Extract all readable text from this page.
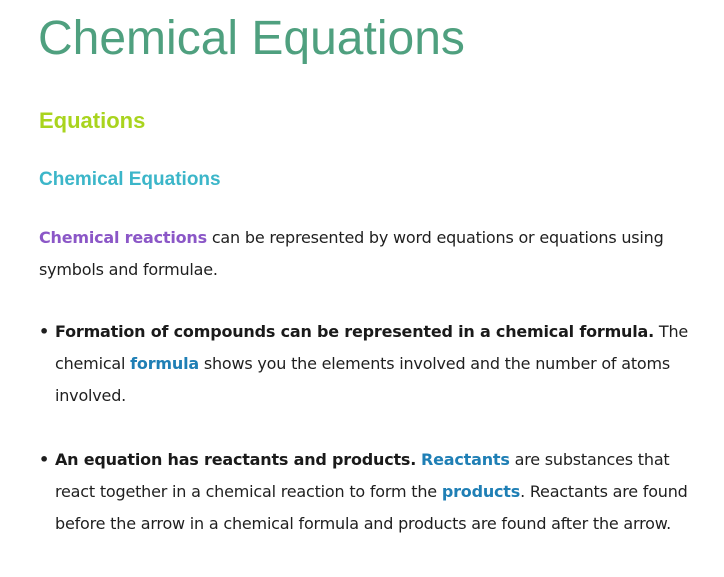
Chemical Equations
Equations
Chemical Equations

Chemical reactions can be represented by word equations or equations using symbols and formulae.

• Formation of compounds can be represented in a chemical formula. The chemical formula shows you the elements involved and the number of atoms involved.
• An equation has reactants and products. Reactants are substances that react together in a chemical reaction to form the products. Reactants are found before the arrow in a chemical formula and products are found after the arrow.
